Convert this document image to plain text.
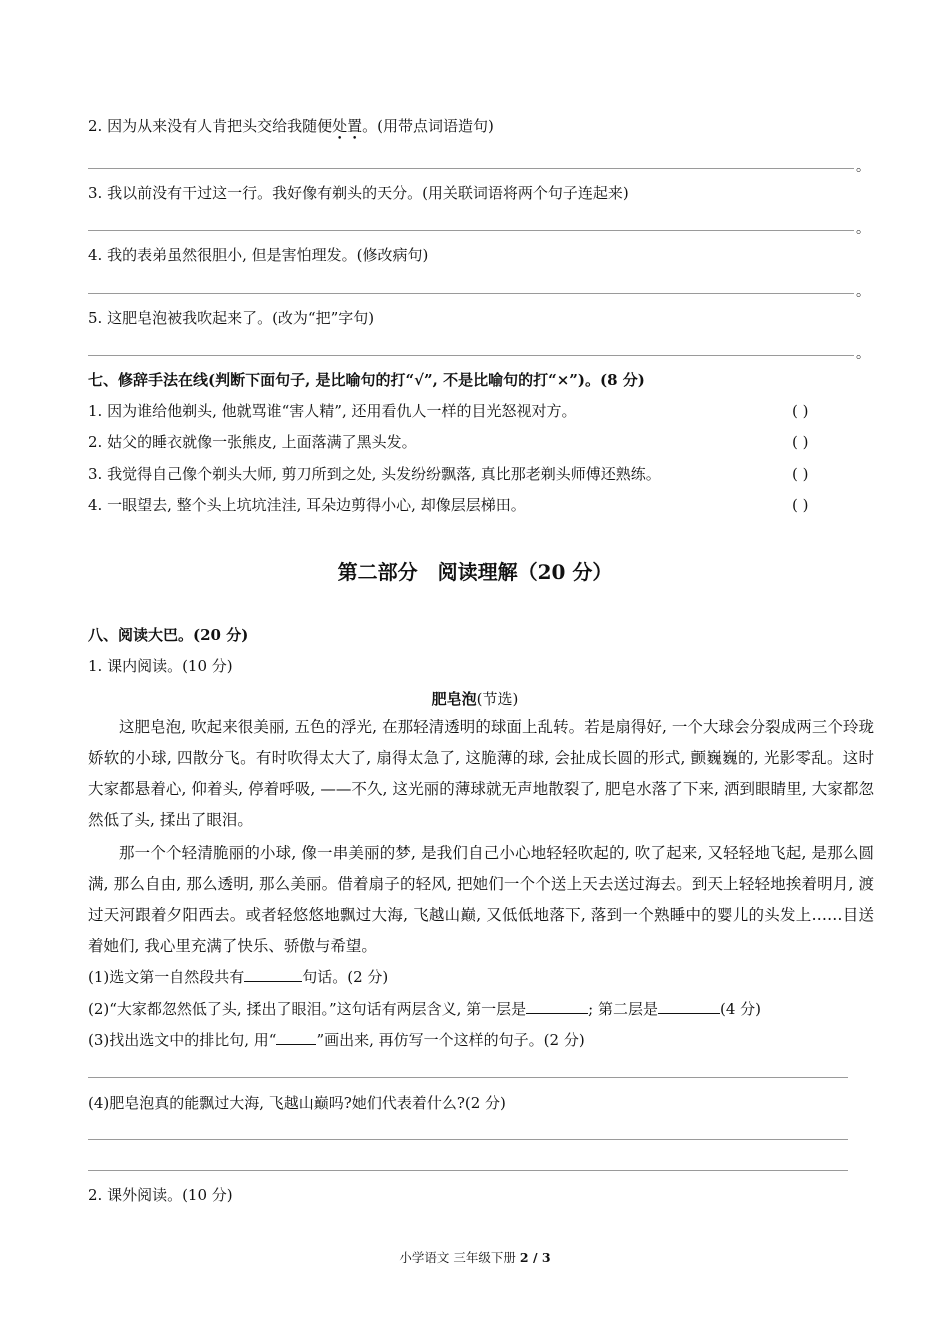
2. 因为从来没有人肯把头交给我随便处置。(用带点词语造句)
。
3. 我以前没有干过这一行。我好像有剃头的天分。(用关联词语将两个句子连起来)
。
4. 我的表弟虽然很胆小, 但是害怕理发。(修改病句)
。
5. 这肥皂泡被我吹起来了。(改为“把”字句)
。
七、修辞手法在线(判断下面句子, 是比喻句的打“√”, 不是比喻句的打“×”)。(8 分)
1. 因为谁给他剃头, 他就骂谁“害人精”, 还用看仇人一样的目光怒视对方。	( )
2. 姑父的睡衣就像一张熊皮, 上面落满了黑头发。	( )
3. 我觉得自己像个剃头大师, 剪刀所到之处, 头发纷纷飘落, 真比那老剃头师傅还熟练。	( )
4. 一眼望去, 整个头上坑坑洼洼, 耳朵边剪得小心, 却像层层梯田。	( )
第二部分　阅读理解（20 分）
八、阅读大巴。(20 分)
1. 课内阅读。(10 分)
肥皂泡(节选)
这肥皂泡, 吹起来很美丽, 五色的浮光, 在那轻清透明的球面上乱转。若是扇得好, 一个大球会分裂成两三个玲珑娇软的小球, 四散分飞。有时吹得太大了, 扇得太急了, 这脆薄的球, 会扯成长圆的形式, 颤巍巍的, 光影零乱。这时大家都悬着心, 仰着头, 停着呼吸, ——不久, 这光丽的薄球就无声地散裂了, 肥皂水落了下来, 洒到眼睛里, 大家都忽然低了头, 揉出了眼泪。
那一个个轻清脆丽的小球, 像一串美丽的梦, 是我们自己小心地轻轻吹起的, 吹了起来, 又轻轻地飞起, 是那么圆满, 那么自由, 那么透明, 那么美丽。借着扇子的轻风, 把她们一个个送上天去送过海去。到天上轻轻地挨着明月, 渡过天河跟着夕阳西去。或者轻悠悠地飘过大海, 飞越山巅, 又低低地落下, 落到一个熟睡中的婴儿的头发上……目送着她们, 我心里充满了快乐、骄傲与希望。
(1)选文第一自然段共有	句话。(2 分)
(2)“大家都忽然低了头, 揉出了眼泪。”这句话有两层含义, 第一层是	; 第二层是	(4 分)
(3)找出选文中的排比句, 用“	”画出来, 再仿写一个这样的句子。(2 分)
(4)肥皂泡真的能飘过大海, 飞越山巅吗?她们代表着什么?(2 分)
2. 课外阅读。(10 分)
小学语文 三年级下册 2 / 3
